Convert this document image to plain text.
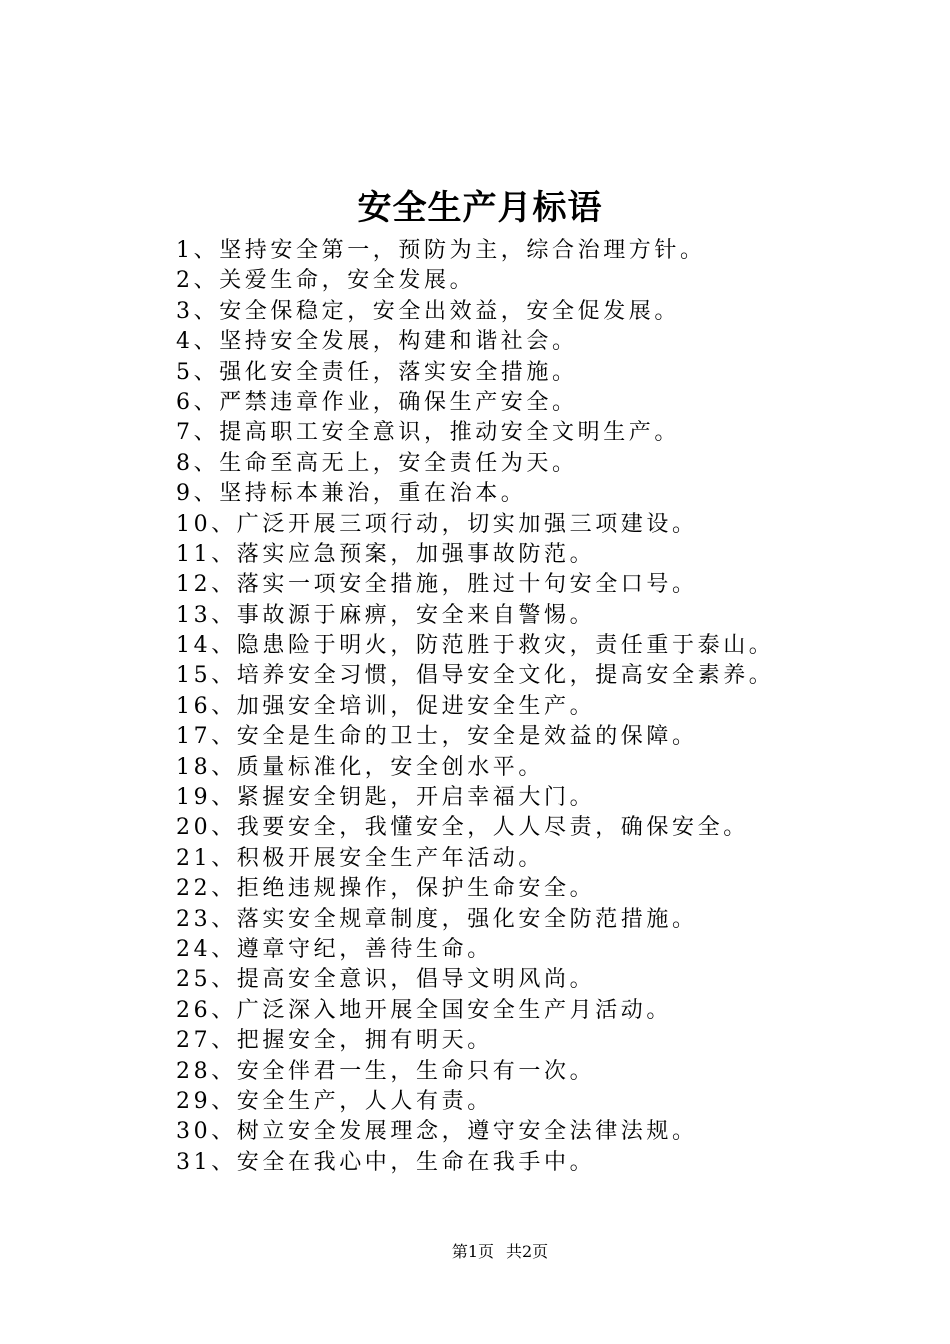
安全生产月标语
1、坚持安全第一，预防为主，综合治理方针。
2、关爱生命，安全发展。
3、安全保稳定，安全出效益，安全促发展。
4、坚持安全发展，构建和谐社会。
5、强化安全责任，落实安全措施。
6、严禁违章作业，确保生产安全。
7、提高职工安全意识，推动安全文明生产。
8、生命至高无上，安全责任为天。
9、坚持标本兼治，重在治本。
10、广泛开展三项行动，切实加强三项建设。
11、落实应急预案，加强事故防范。
12、落实一项安全措施，胜过十句安全口号。
13、事故源于麻痹，安全来自警惕。
14、隐患险于明火，防范胜于救灾，责任重于泰山。
15、培养安全习惯，倡导安全文化，提高安全素养。
16、加强安全培训，促进安全生产。
17、安全是生命的卫士，安全是效益的保障。
18、质量标准化，安全创水平。
19、紧握安全钥匙，开启幸福大门。
20、我要安全，我懂安全，人人尽责，确保安全。
21、积极开展安全生产年活动。
22、拒绝违规操作，保护生命安全。
23、落实安全规章制度，强化安全防范措施。
24、遵章守纪，善待生命。
25、提高安全意识，倡导文明风尚。
26、广泛深入地开展全国安全生产月活动。
27、把握安全，拥有明天。
28、安全伴君一生，生命只有一次。
29、安全生产，人人有责。
30、树立安全发展理念，遵守安全法律法规。
31、安全在我心中，生命在我手中。
第1页 共2页
